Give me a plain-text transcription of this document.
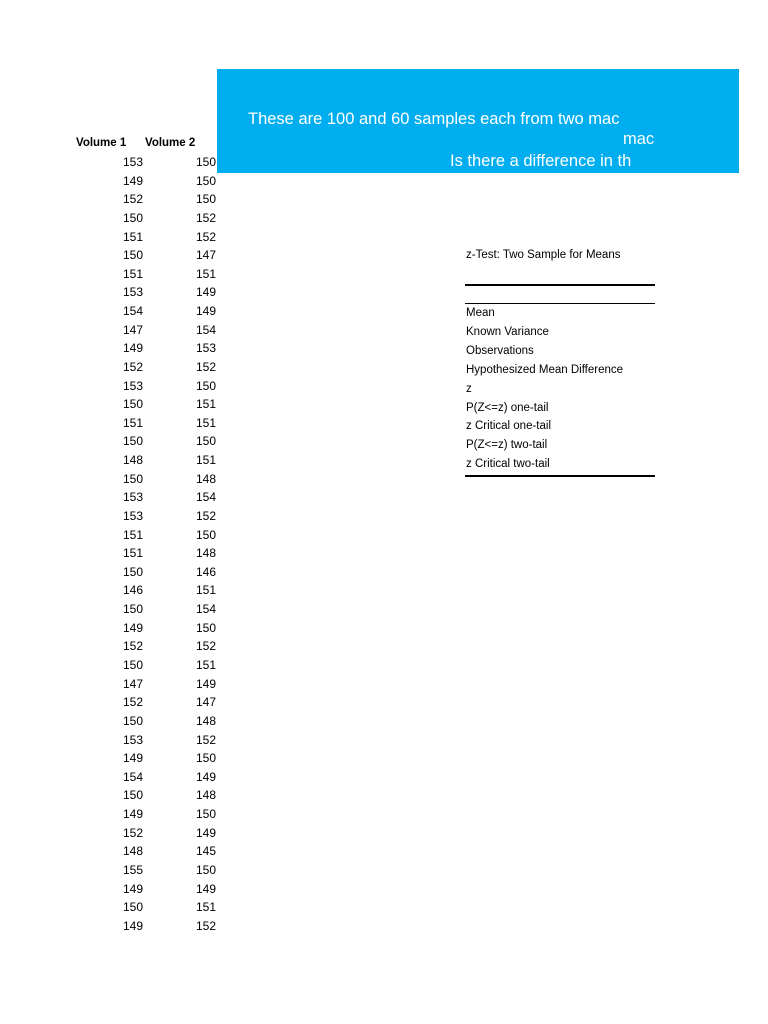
These are 100 and 60 samples each from two mac
mac
Is there a difference in th
Volume 1 Volume 2
153
149
152
150
151
150
151
153
154
147
149
152
153
150
151
150
148
150
153
153
151
151
150
146
150
149
152
150
147
152
150
153
149
154
150
149
152
148
155
149
150
149
150
150
150
152
152
147
151
149
149
154
153
152
150
151
151
150
151
148
154
152
150
148
146
151
154
150
152
151
149
147
148
152
150
149
148
150
149
145
150
149
151
152
z-Test: Two Sample for Means
Mean
Known Variance
Observations
Hypothesized Mean Difference
z
P(Z<=z) one-tail
z Critical one-tail
P(Z<=z) two-tail
z Critical two-tail
